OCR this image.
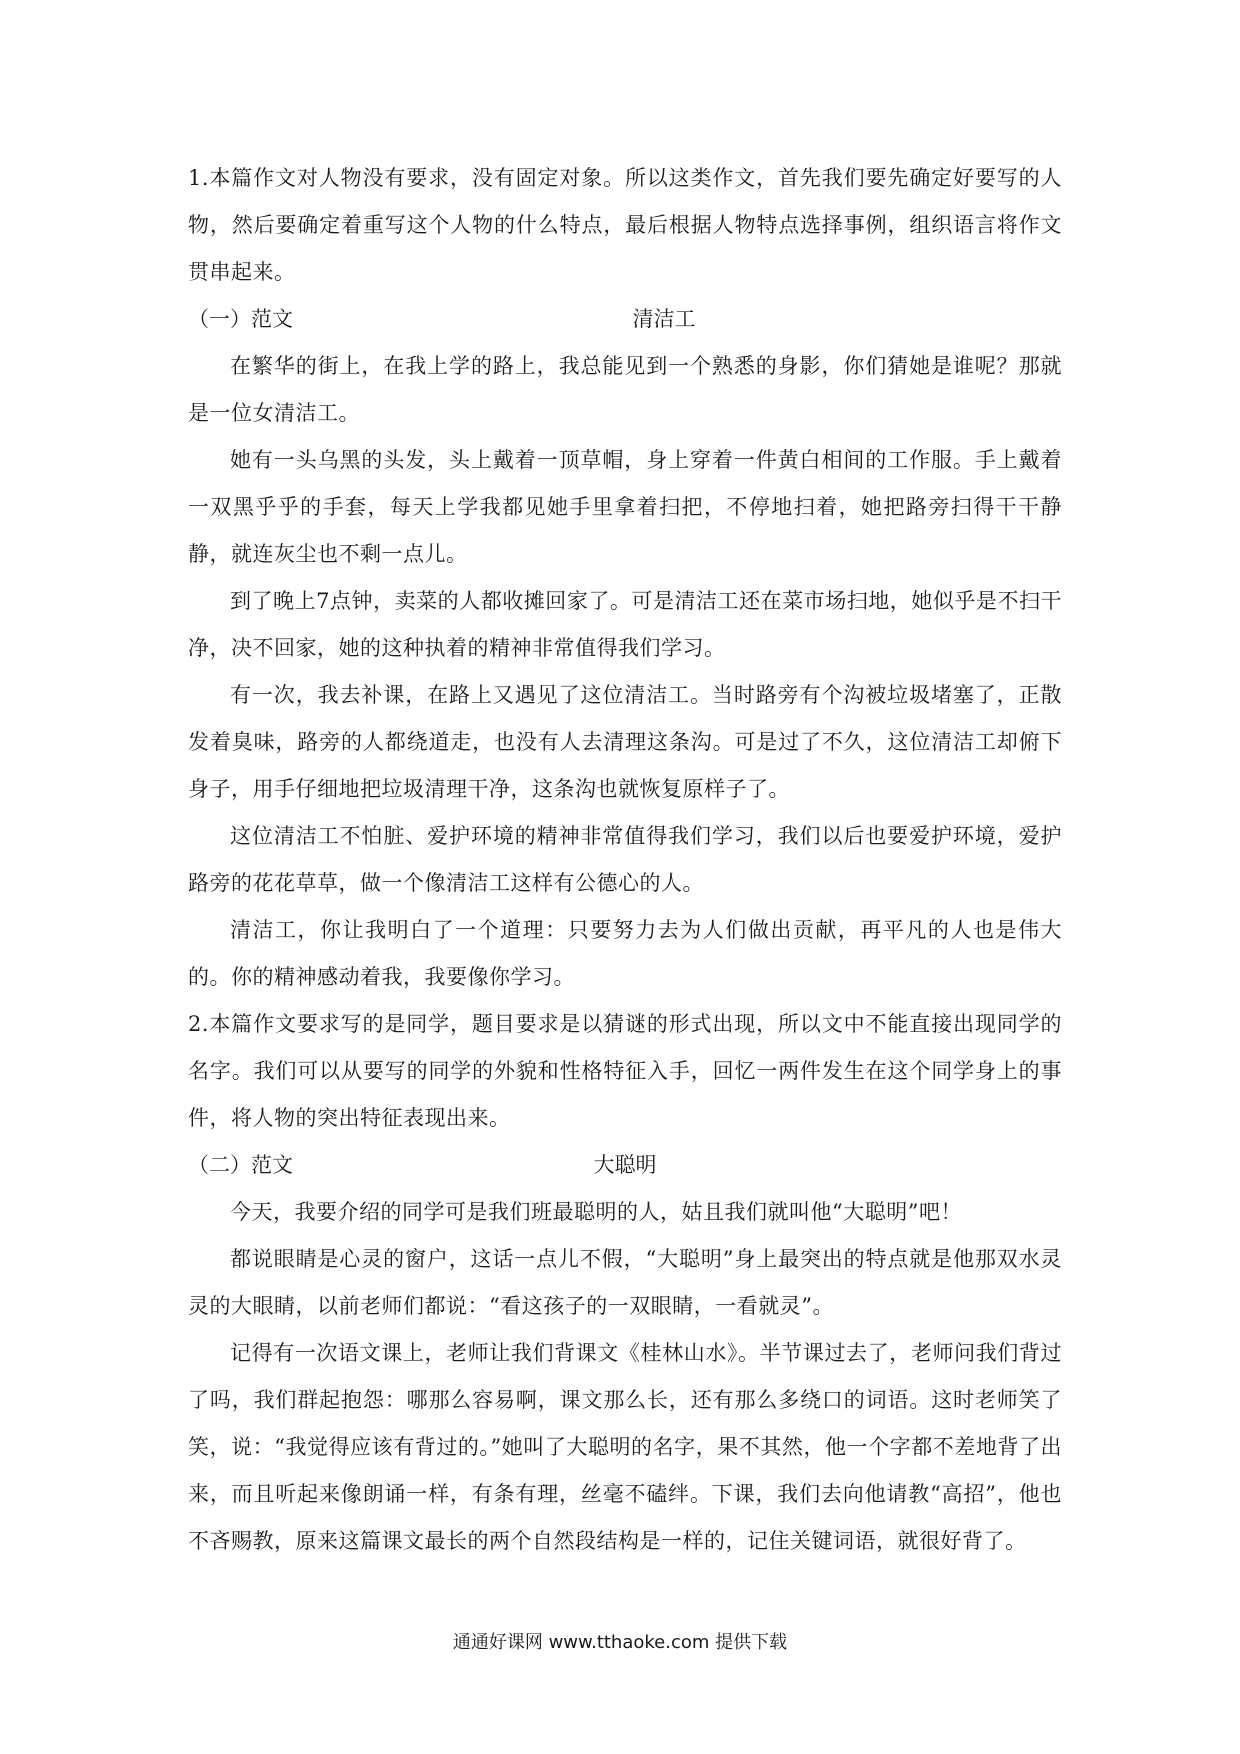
1.本篇作文对人物没有要求，没有固定对象。所以这类作文，首先我们要先确定好要写的人物，然后要确定着重写这个人物的什么特点，最后根据人物特点选择事例，组织语言将作文贯串起来。

（一）范文	清洁工

在繁华的街上，在我上学的路上，我总能见到一个熟悉的身影，你们猜她是谁呢？那就是一位女清洁工。

她有一头乌黑的头发，头上戴着一顶草帽，身上穿着一件黄白相间的工作服。手上戴着一双黑乎乎的手套，每天上学我都见她手里拿着扫把，不停地扫着，她把路旁扫得干干静静，就连灰尘也不剩一点儿。

到了晚上7点钟，卖菜的人都收摊回家了。可是清洁工还在菜市场扫地，她似乎是不扫干净，决不回家，她的这种执着的精神非常值得我们学习。

有一次，我去补课，在路上又遇见了这位清洁工。当时路旁有个沟被垃圾堵塞了，正散发着臭味，路旁的人都绕道走，也没有人去清理这条沟。可是过了不久，这位清洁工却俯下身子，用手仔细地把垃圾清理干净，这条沟也就恢复原样子了。

这位清洁工不怕脏、爱护环境的精神非常值得我们学习，我们以后也要爱护环境，爱护路旁的花花草草，做一个像清洁工这样有公德心的人。

清洁工，你让我明白了一个道理：只要努力去为人们做出贡献，再平凡的人也是伟大的。你的精神感动着我，我要像你学习。

2.本篇作文要求写的是同学，题目要求是以猜谜的形式出现，所以文中不能直接出现同学的名字。我们可以从要写的同学的外貌和性格特征入手，回忆一两件发生在这个同学身上的事件，将人物的突出特征表现出来。

（二）范文	大聪明

今天，我要介绍的同学可是我们班最聪明的人，姑且我们就叫他“大聪明”吧！

都说眼睛是心灵的窗户，这话一点儿不假，“大聪明”身上最突出的特点就是他那双水灵灵的大眼睛，以前老师们都说：“看这孩子的一双眼睛，一看就灵”。

记得有一次语文课上，老师让我们背课文《桂林山水》。半节课过去了，老师问我们背过了吗，我们群起抱怨：哪那么容易啊，课文那么长，还有那么多绕口的词语。这时老师笑了笑，说：“我觉得应该有背过的。”她叫了大聪明的名字，果不其然，他一个字都不差地背了出来，而且听起来像朗诵一样，有条有理，丝毫不磕绊。下课，我们去向他请教“高招”，他也不吝赐教，原来这篇课文最长的两个自然段结构是一样的，记住关键词语，就很好背了。

通通好课网 www.tthaoke.com 提供下载
